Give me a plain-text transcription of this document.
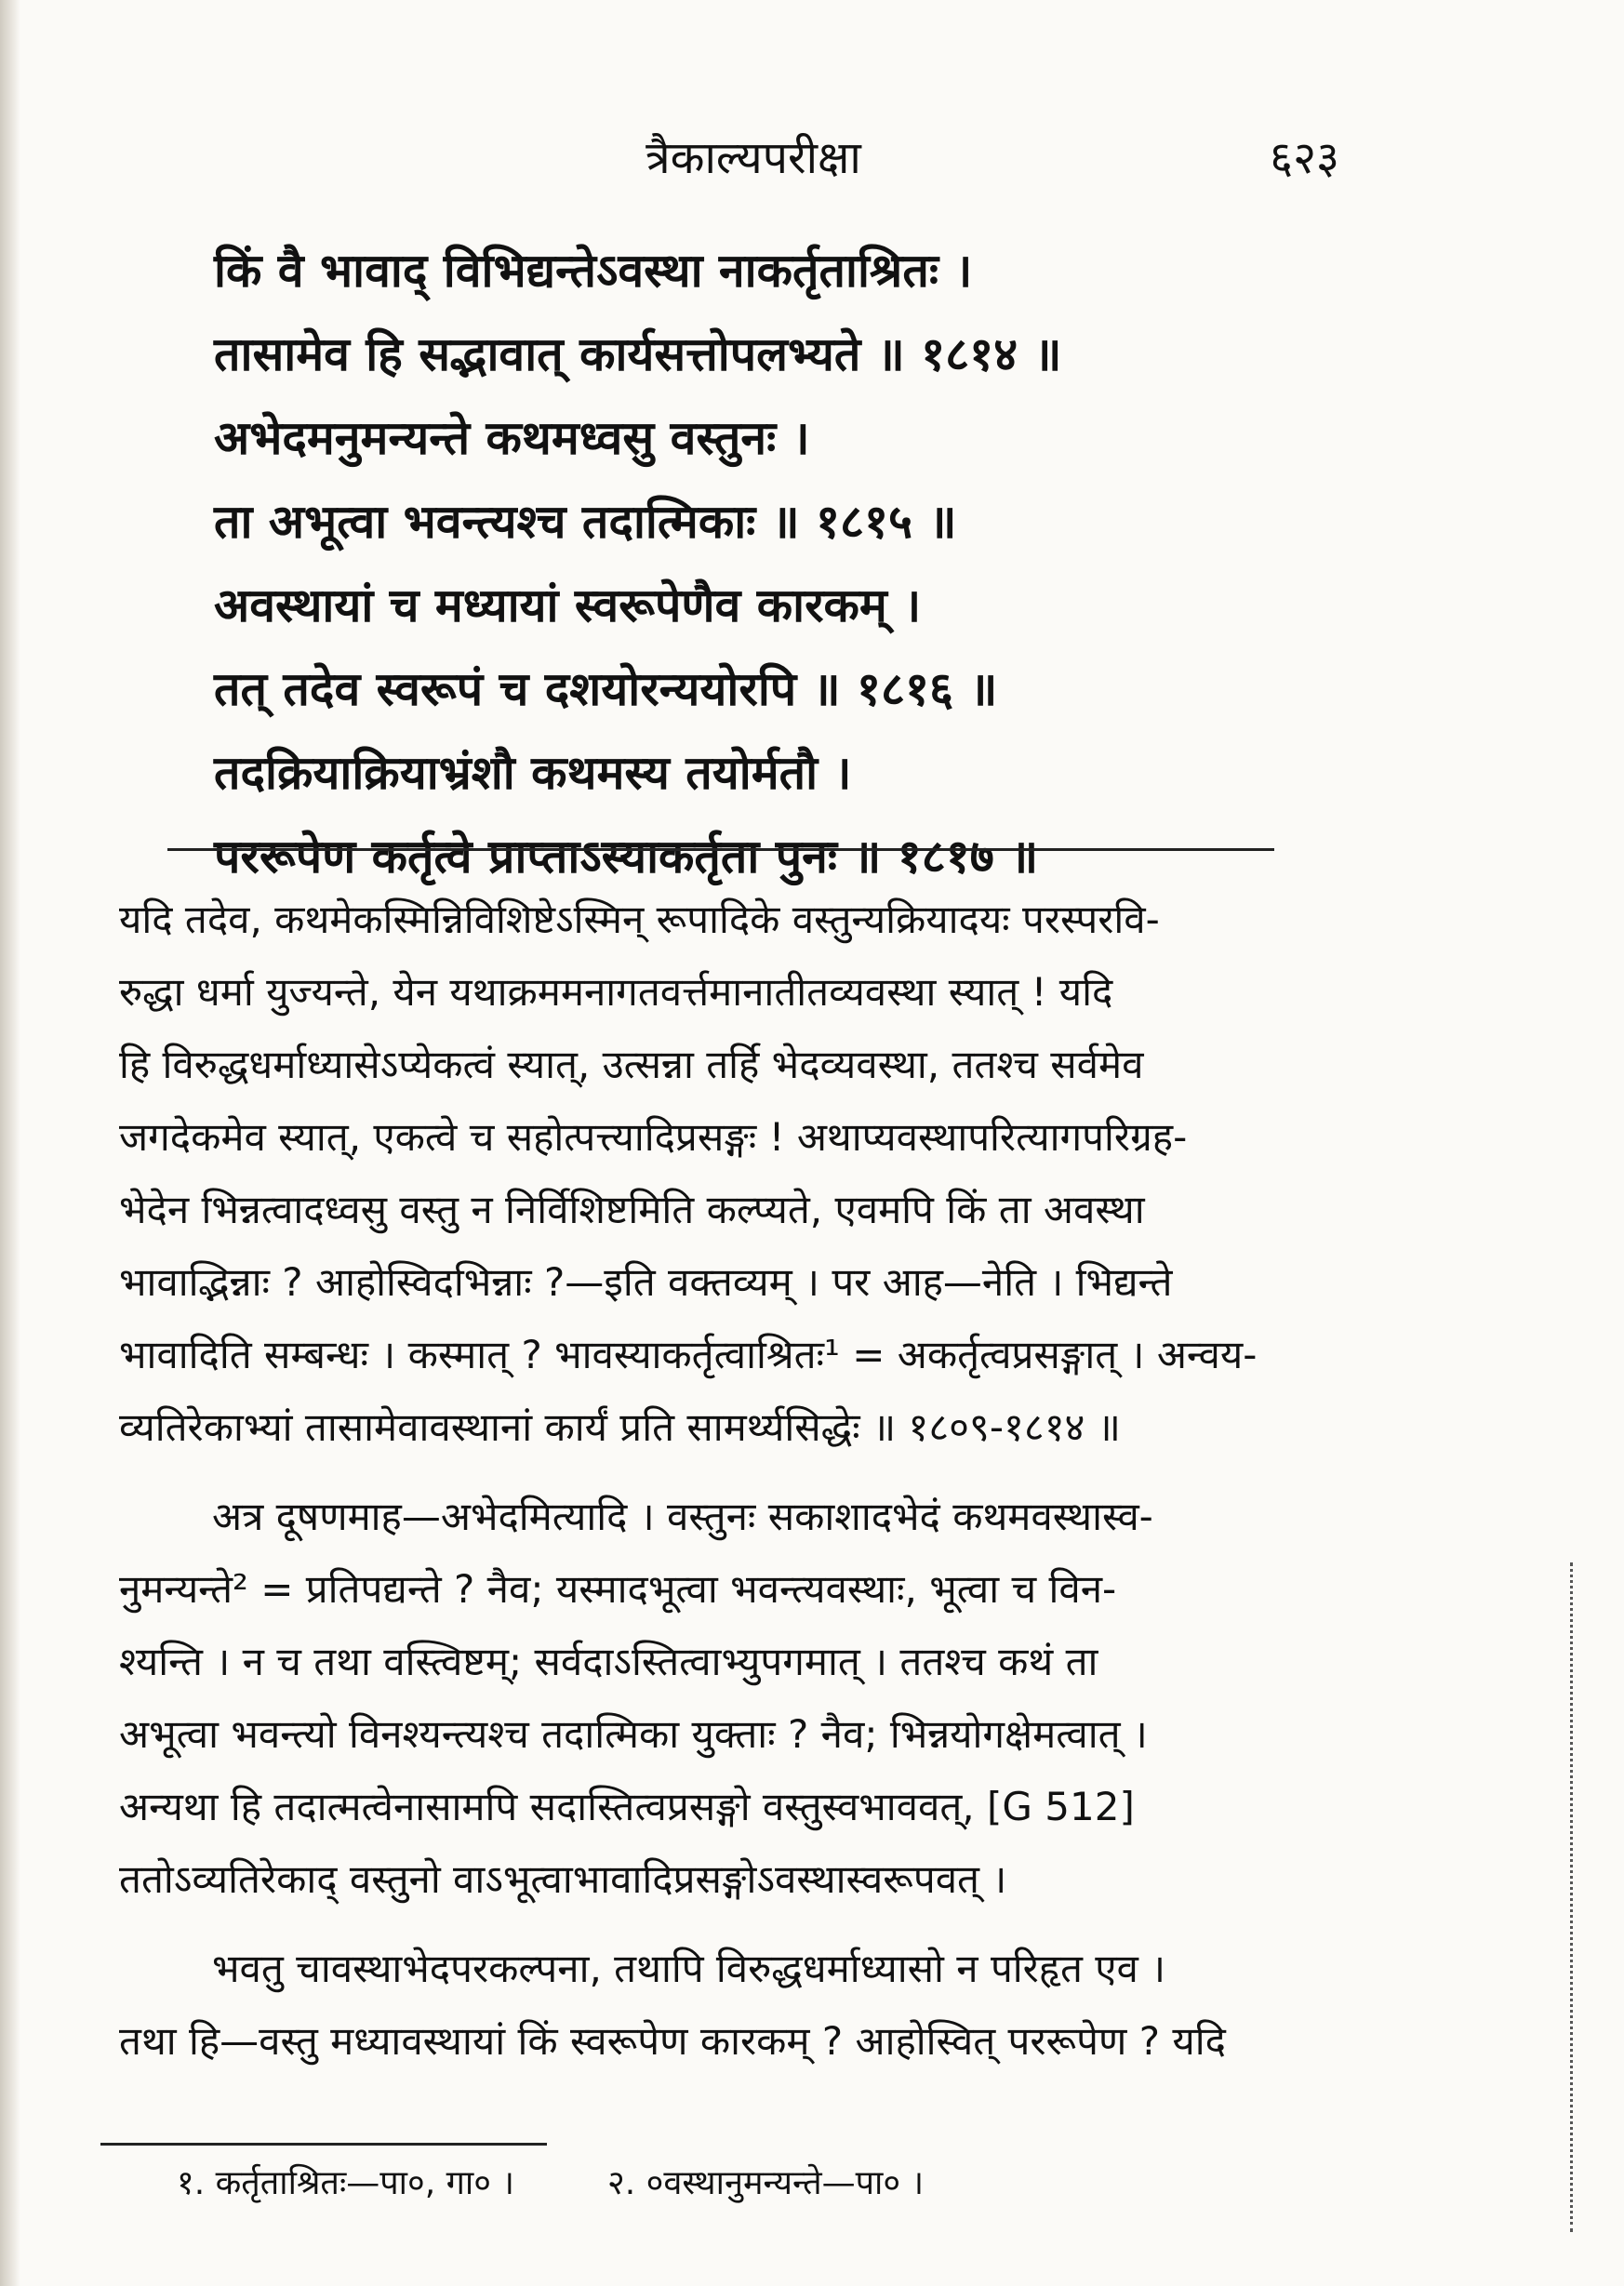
त्रैकाल्यपरीक्षा	६२३
किं वै भावाद् विभिद्यन्तेऽवस्था नाकर्तृताश्रितः ।
तासामेव हि सद्भावात् कार्यसत्तोपलभ्यते ॥ १८१४ ॥
अभेदमनुमन्यन्ते कथमध्वसु वस्तुनः ।
ता अभूत्वा भवन्त्यश्च तदात्मिकाः ॥ १८१५ ॥
अवस्थायां च मध्यायां स्वरूपेणैव कारकम् ।
तत् तदेव स्वरूपं च दशयोरन्ययोरपि ॥ १८१६ ॥
तदक्रियाक्रियाभ्रंशौ कथमस्य तयोर्मतौ ।
पररूपेण कर्तृत्वे प्राप्ताऽस्याकर्तृता पुनः ॥ १८१७ ॥
यदि तदेव, कथमेकस्मिन्निविशिष्टेऽस्मिन् रूपादिके वस्तुन्यक्रियादयः परस्परवि-
रुद्धा धर्मा युज्यन्ते, येन यथाक्रममनागतवर्त्तमानातीतव्यवस्था स्यात् ! यदि
हि विरुद्धधर्माध्यासेऽप्येकत्वं स्यात्, उत्सन्ना तर्हि भेदव्यवस्था, ततश्च सर्वमेव
जगदेकमेव स्यात्, एकत्वे च सहोत्पत्त्यादिप्रसङ्गः ! अथाप्यवस्थापरित्यागपरिग्रह-
भेदेन भिन्नत्वादध्वसु वस्तु न निर्विशिष्टमिति कल्प्यते, एवमपि किं ता अवस्था
भावाद्भिन्नाः ? आहोस्विदभिन्नाः ?—इति वक्तव्यम् । पर आह—नेति । भिद्यन्ते
भावादिति सम्बन्धः । कस्मात् ? भावस्याकर्तृत्वाश्रितः¹ = अकर्तृत्वप्रसङ्गात् । अन्वय-
व्यतिरेकाभ्यां तासामेवावस्थानां कार्यं प्रति सामर्थ्यसिद्धेः ॥ १८०९-१८१४ ॥
अत्र दूषणमाह—अभेदमित्यादि । वस्तुनः सकाशादभेदं कथमवस्थास्व-
नुमन्यन्ते² = प्रतिपद्यन्ते ? नैव; यस्मादभूत्वा भवन्त्यवस्थाः, भूत्वा च विन-
श्यन्ति । न च तथा वस्त्विष्टम्; सर्वदाऽस्तित्वाभ्युपगमात् । ततश्च कथं ता
अभूत्वा भवन्त्यो विनश्यन्त्यश्च तदात्मिका युक्ताः ? नैव; भिन्नयोगक्षेमत्वात् ।
अन्यथा हि तदात्मत्वेनासामपि सदास्तित्वप्रसङ्गो वस्तुस्वभाववत्, [G 512]
ततोऽव्यतिरेकाद् वस्तुनो वाऽभूत्वाभावादिप्रसङ्गोऽवस्थास्वरूपवत् ।
भवतु चावस्थाभेदपरकल्पना, तथापि विरुद्धधर्माध्यासो न परिहृत एव ।
तथा हि—वस्तु मध्यावस्थायां किं स्वरूपेण कारकम् ? आहोस्वित् पररूपेण ? यदि
१. कर्तृताश्रितः—पा०, गा० ।	२. ०वस्थानुमन्यन्ते—पा० ।
